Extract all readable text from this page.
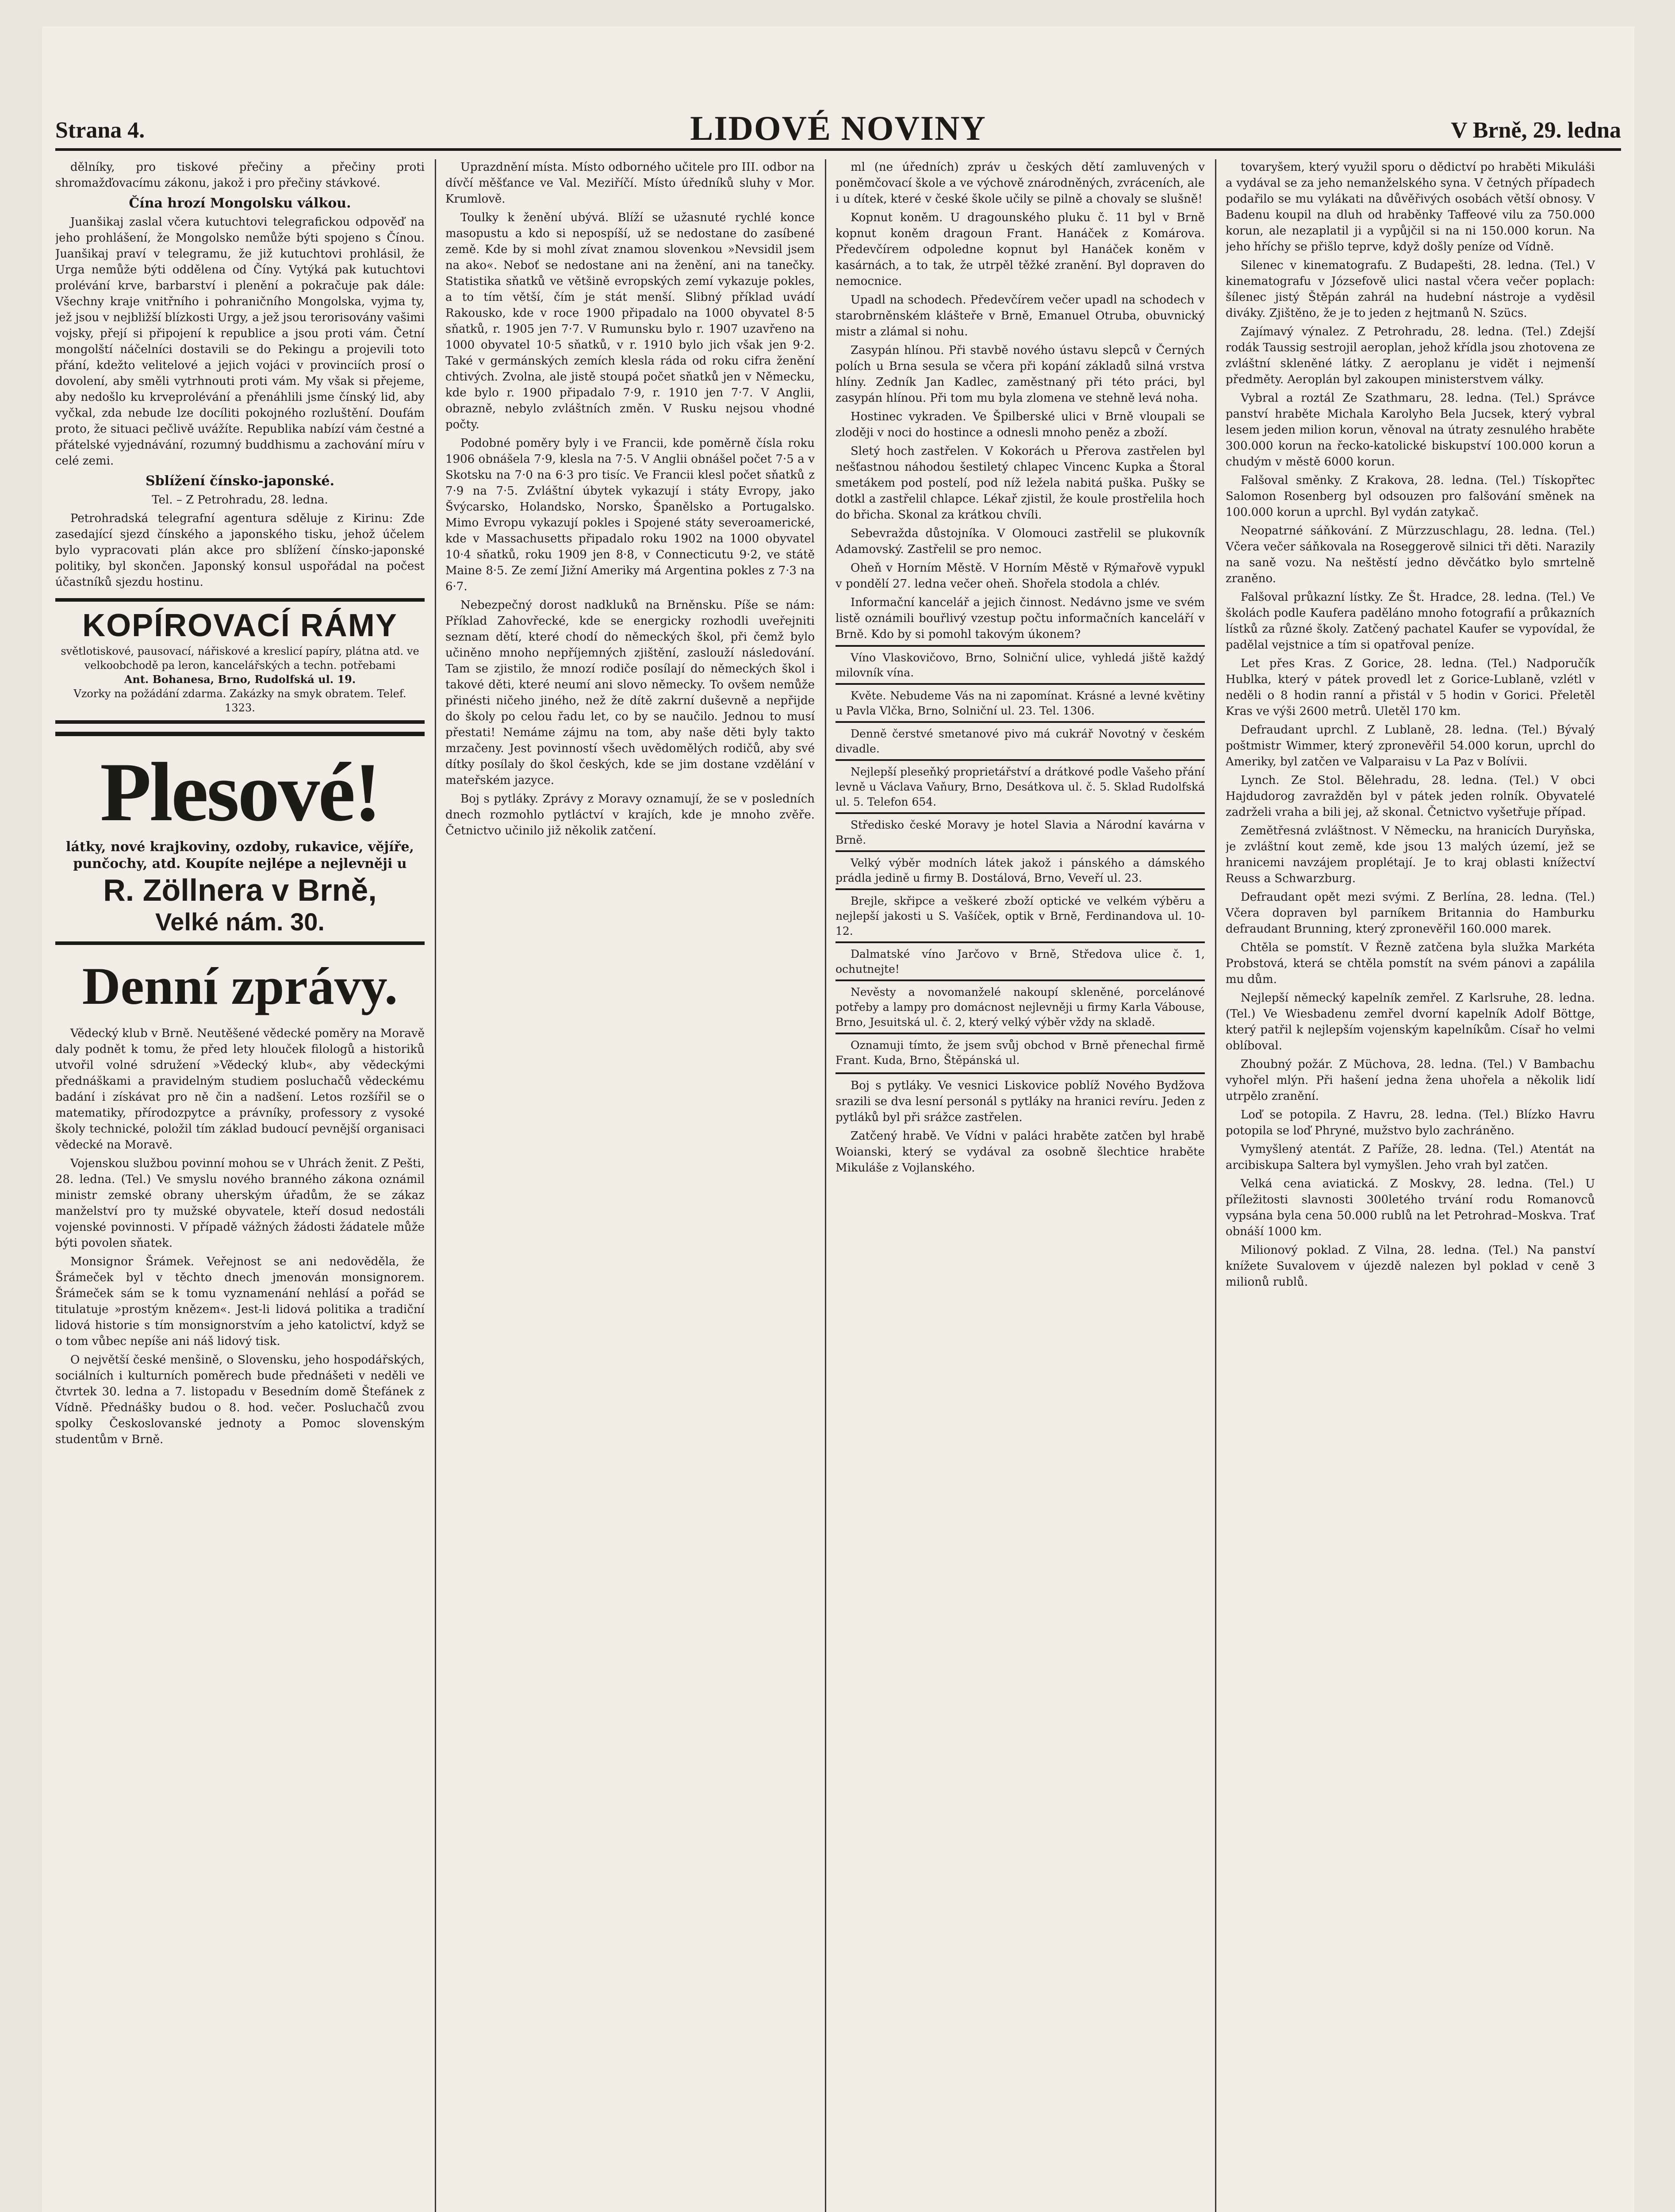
Strana 4.	LIDOVÉ NOVINY	V Brně, 29. ledna

dělníky, pro tiskové přečiny a přečiny proti shromažďovacímu zákonu, jakož i pro přečiny stávkové.

Čína hrozí Mongolsku válkou.

Juanšikaj zaslal včera kutuchtovi telegrafickou odpověď na jeho prohlášení, že Mongolsko nemůže býti spojeno s Čínou. Juanšikaj praví v telegramu, že již kutuchtovi prohlásil, že Urga nemůže býti oddělena od Číny. Vytýká pak kutuchtovi prolévání krve, barbarství i plenění a pokračuje pak dále: Všechny kraje vnitřního i pohraničního Mongolska, vyjma ty, jež jsou v nejbližší blízkosti Urgy, a jež jsou terorisovány vašimi vojsky, přejí si připojení k republice a jsou proti vám. Četní mongolští náčelníci dostavili se do Pekingu a projevili toto přání, kdežto velitelové a jejich vojáci v provinciích prosí o dovolení, aby směli vytrhnouti proti vám. My však si přejeme, aby nedošlo ku krveprolévání a přenáhlili jsme čínský lid, aby vyčkal, zda nebude lze docíliti pokojného rozluštění. Doufám proto, že situaci pečlivě uvážíte. Republika nabízí vám čestné a přátelské vyjednávání, rozumný buddhismu a zachování míru v celé zemi.

Sblížení čínsko-japonské.

Tel. – Z Petrohradu, 28. ledna.

Petrohradská telegrafní agentura sděluje z Kirinu: Zde zasedající sjezd čínského a japonského tisku, jehož účelem bylo vypracovati plán akce pro sblížení čínsko-japonské politiky, byl skončen. Japonský konsul uspořádal na počest účastníků sjezdu hostinu.

KOPÍROVACÍ RÁMY
světlotiskové, pausovací, nářiskové a kreslicí papíry, plátna atd. ve velkoobchodě pa leron, kancelářských a techn. potřebami
Ant. Bohanesa, Brno, Rudolfská ul. 19.
Vzorky na požádání zdarma. Zakázky na smyk obratem. Telef. 1323.
Plesové!
látky, nové krajkoviny, ozdoby, rukavice, vějíře, punčochy, atd. Koupíte nejlépe a nejlevněji u
R. Zöllnera v Brně,
Velké nám. 30.
Denní zprávy.

Vědecký klub v Brně. Neutěšené vědecké poměry na Moravě daly podnět k tomu, že před lety hlouček filologů a historiků utvořil volné sdružení »Vědecký klub«, aby vědeckými přednáškami a pravidelným studiem posluchačů vědeckému badání i získávat pro ně čin a nadšení. Letos rozšířil se o matematiky, přírodozpytce a právníky, professory z vysoké školy technické, položil tím základ budoucí pevnější organisaci vědecké na Moravě.

Vojenskou službou povinní mohou se v Uhrách ženit. Z Pešti, 28. ledna. (Tel.) Ve smyslu nového branného zákona oznámil ministr zemské obrany uherským úřadům, že se zákaz manželství pro ty mužské obyvatele, kteří dosud nedostáli vojenské povinnosti. V případě vážných žádosti žádatele může býti povolen sňatek.

Monsignor Šrámek. Veřejnost se ani nedověděla, že Šrámeček byl v těchto dnech jmenován monsignorem. Šrámeček sám se k tomu vyznamenání nehlásí a pořád se titulatuje »prostým knězem«. Jest-li lidová politika a tradiční lidová historie s tím monsignorstvím a jeho katolictví, když se o tom vůbec nepíše ani náš lidový tisk.

O největší české menšině, o Slovensku, jeho hospodářských, sociálních i kulturních poměrech bude přednášeti v neděli ve čtvrtek 30. ledna a 7. listopadu v Besedním domě Štefánek z Vídně. Přednášky budou o 8. hod. večer. Posluchačů zvou spolky Českoslovanské jednoty a Pomoc slovenským studentům v Brně.

Uprazdnění místa. Místo odborného učitele pro III. odbor na dívčí měšťance ve Val. Meziříčí. Místo úředníků sluhy v Mor. Krumlově.

Toulky k ženění ubývá. Blíží se užasnuté rychlé konce masopustu a kdo si nepospíší, už se nedostane do zasíbené země. Kde by si mohl zívat znamou slovenkou »Nevsidil jsem na ako«. Neboť se nedostane ani na ženění, ani na tanečky. Statistika sňatků ve většině evropských zemí vykazuje pokles, a to tím větší, čím je stát menší. Slibný příklad uvádí Rakousko, kde v roce 1900 připadalo na 1000 obyvatel 8·5 sňatků, r. 1905 jen 7·7. V Rumunsku bylo r. 1907 uzavřeno na 1000 obyvatel 10·5 sňatků, v r. 1910 bylo jich však jen 9·2. Také v germánských zemích klesla ráda od roku cifra ženění chtivých. Zvolna, ale jistě stoupá počet sňatků jen v Německu, kde bylo r. 1900 připadalo 7·9, r. 1910 jen 7·7. V Anglii, obrazně, nebylo zvláštních změn. V Rusku nejsou vhodné počty.

Podobné poměry byly i ve Francii, kde poměrně čísla roku 1906 obnášela 7·9, klesla na 7·5. V Anglii obnášel počet 7·5 a v Skotsku na 7·0 na 6·3 pro tisíc. Ve Francii klesl počet sňatků z 7·9 na 7·5. Zvláštní úbytek vykazují i státy Evropy, jako Švýcarsko, Holandsko, Norsko, Španělsko a Portugalsko. Mimo Evropu vykazují pokles i Spojené státy severoamerické, kde v Massachusetts připadalo roku 1902 na 1000 obyvatel 10·4 sňatků, roku 1909 jen 8·8, v Connecticutu 9·2, ve státě Maine 8·5. Ze zemí Jižní Ameriky má Argentina pokles z 7·3 na 6·7.

Nebezpečný dorost nadkluků na Brněnsku. Píše se nám: Příklad Zahovřecké, kde se energicky rozhodli uveřejniti seznam dětí, které chodí do německých škol, při čemž bylo učiněno mnoho nepříjemných zjištění, zaslouží následování. Tam se zjistilo, že mnozí rodiče posílají do německých škol i takové děti, které neumí ani slovo německy. To ovšem nemůže přinésti ničeho jiného, než že dítě zakrní duševně a nepřijde do školy po celou řadu let, co by se naučilo. Jednou to musí přestati! Nemáme zájmu na tom, aby naše děti byly takto mrzačeny. Jest povinností všech uvědomělých rodičů, aby své dítky posílaly do škol českých, kde se jim dostane vzdělání v mateřském jazyce.

Boj s pytláky. Zprávy z Moravy oznamují, že se v posledních dnech rozmohlo pytláctví v krajích, kde je mnoho zvěře. Četnictvo učinilo již několik zatčení.

ml (ne úředních) zpráv u českých dětí zamluvených v poněmčovací škole a ve výchově znárodněných, zvráceních, ale i u dítek, které v české škole učily se pilně a chovaly se slušně!

Kopnut koněm. U dragounského pluku č. 11 byl v Brně kopnut koněm dragoun Frant. Hanáček z Komárova. Předevčírem odpoledne kopnut byl Hanáček koněm v kasárnách, a to tak, že utrpěl těžké zranění. Byl dopraven do nemocnice.

Upadl na schodech. Předevčírem večer upadl na schodech v starobrněnském klášteře v Brně, Emanuel Otruba, obuvnický mistr a zlámal si nohu.

Zasypán hlínou. Při stavbě nového ústavu slepců v Černých polích u Brna sesula se včera při kopání základů silná vrstva hlíny. Zedník Jan Kadlec, zaměstnaný při této práci, byl zasypán hlínou. Při tom mu byla zlomena ve stehně levá noha.

Hostinec vykraden. Ve Špilberské ulici v Brně vloupali se zloději v noci do hostince a odnesli mnoho peněz a zboží.

Sletý hoch zastřelen. V Kokorách u Přerova zastřelen byl nešťastnou náhodou šestiletý chlapec Vincenc Kupka a Štoral smetákem pod postelí, pod níž ležela nabitá puška. Pušky se dotkl a zastřelil chlapce. Lékař zjistil, že koule prostřelila hoch do břicha. Skonal za krátkou chvíli.

Sebevražda důstojníka. V Olomouci zastřelil se plukovník Adamovský. Zastřelil se pro nemoc.

Oheň v Horním Městě. V Horním Městě v Rýmařově vypukl v pondělí 27. ledna večer oheň. Shořela stodola a chlév.

Informační kancelář a jejich činnost. Nedávno jsme ve svém listě oznámili bouřlivý vzestup počtu informačních kanceláří v Brně. Kdo by si pomohl takovým úkonem?

Víno Vlaskovičovo, Brno, Solniční ulice, vyhledá jiště každý milovník vína.

Květe. Nebudeme Vás na ni zapomínat. Krásné a levné květiny u Pavla Vlčka, Brno, Solniční ul. 23. Tel. 1306.

Denně čerstvé smetanové pivo má cukrář Novotný v českém divadle.

Nejlepší pleseňký proprietářství a drátkové podle Vašeho přání levně u Václava Vaňury, Brno, Desátkova ul. č. 5. Sklad Rudolfská ul. 5. Telefon 654.

Středisko české Moravy je hotel Slavia a Národní kavárna v Brně.

Velký výběr modních látek jakož i pánského a dámského prádla jedině u firmy B. Dostálová, Brno, Veveří ul. 23.

Brejle, skřipce a veškeré zboží optické ve velkém výběru a nejlepší jakosti u S. Vašíček, optik v Brně, Ferdinandova ul. 10-12.

Dalmatské víno Jarčovo v Brně, Středova ulice č. 1, ochutnejte!

Nevěsty a novomanželé nakoupí skleněné, porcelánové potřeby a lampy pro domácnost nejlevněji u firmy Karla Vábouse, Brno, Jesuitská ul. č. 2, který velký výběr vždy na skladě.

Oznamuji tímto, že jsem svůj obchod v Brně přenechal firmě Frant. Kuda, Brno, Štěpánská ul.

Boj s pytláky. Ve vesnici Liskovice poblíž Nového Bydžova srazili se dva lesní personál s pytláky na hranici revíru. Jeden z pytláků byl při srážce zastřelen.

Zatčený hrabě. Ve Vídni v paláci hraběte zatčen byl hrabě Woianski, který se vydával za osobně šlechtice hraběte Mikuláše z Vojlanského.

tovaryšem, který využil sporu o dědictví po hraběti Mikuláši a vydával se za jeho nemanželského syna. V četných případech podařilo se mu vylákati na důvěřivých osobách větší obnosy. V Badenu koupil na dluh od hraběnky Taffeové vilu za 750.000 korun, ale nezaplatil ji a vypůjčil si na ni 150.000 korun. Na jeho hříchy se přišlo teprve, když došly peníze od Vídně.

Silenec v kinematografu. Z Budapešti, 28. ledna. (Tel.) V kinematografu v Józsefově ulici nastal včera večer poplach: šílenec jistý Štěpán zahrál na hudební nástroje a vyděsil diváky. Zjištěno, že je to jeden z hejtmanů N. Szücs.

Zajímavý výnalez. Z Petrohradu, 28. ledna. (Tel.) Zdejší rodák Taussig sestrojil aeroplan, jehož křídla jsou zhotovena ze zvláštní skleněné látky. Z aeroplanu je vidět i nejmenší předměty. Aeroplán byl zakoupen ministerstvem války.

Vybral a roztál Ze Szathmaru, 28. ledna. (Tel.) Správce panství hraběte Michala Karolyho Bela Jucsek, který vybral lesem jeden milion korun, věnoval na útraty zesnulého hraběte 300.000 korun na řecko-katolické biskupství 100.000 korun a chudým v městě 6000 korun.

Falšoval směnky. Z Krakova, 28. ledna. (Tel.) Tískopřtec Salomon Rosenberg byl odsouzen pro falšování směnek na 100.000 korun a uprchl. Byl vydán zatykač.

Neopatrné sáňkování. Z Mürzzuschlagu, 28. ledna. (Tel.) Včera večer sáňkovala na Roseggerově silnici tři děti. Narazily na saně vozu. Na neštěstí jedno děvčátko bylo smrtelně zraněno.

Falšoval průkazní lístky. Ze Št. Hradce, 28. ledna. (Tel.) Ve školách podle Kaufera paděláno mnoho fotografií a průkazních lístků za různé školy. Zatčený pachatel Kaufer se vypovídal, že padělal vejstnice a tím si opatřoval peníze.

Let přes Kras. Z Gorice, 28. ledna. (Tel.) Nadporučík Hublka, který v pátek provedl let z Gorice-Lublaně, vzlétl v neděli o 8 hodin ranní a přistál v 5 hodin v Gorici. Přeletěl Kras ve výši 2600 metrů. Uletěl 170 km.

Defraudant uprchl. Z Lublaně, 28. ledna. (Tel.) Bývalý poštmistr Wimmer, který zpronevěřil 54.000 korun, uprchl do Ameriky, byl zatčen ve Valparaisu v La Paz v Bolívii.

Lynch. Ze Stol. Bělehradu, 28. ledna. (Tel.) V obci Hajdudorog zavražděn byl v pátek jeden rolník. Obyvatelé zadrželi vraha a bili jej, až skonal. Četnictvo vyšetřuje případ.

Zemětřesná zvláštnost. V Německu, na hranicích Duryňska, je zvláštní kout země, kde jsou 13 malých území, jež se hranicemi navzájem proplétají. Je to kraj oblasti knížectví Reuss a Schwarzburg.

Defraudant opět mezi svými. Z Berlína, 28. ledna. (Tel.) Včera dopraven byl parníkem Britannia do Hamburku defraudant Brunning, který zpronevěřil 160.000 marek.

Chtěla se pomstít. V Řezně zatčena byla služka Markéta Probstová, která se chtěla pomstít na svém pánovi a zapálila mu dům.

Nejlepší německý kapelník zemřel. Z Karlsruhe, 28. ledna. (Tel.) Ve Wiesbadenu zemřel dvorní kapelník Adolf Böttge, který patřil k nejlepším vojenským kapelníkům. Císař ho velmi oblíboval.

Zhoubný požár. Z Müchova, 28. ledna. (Tel.) V Bambachu vyhořel mlýn. Při hašení jedna žena uhořela a několik lidí utrpělo zranění.

Loď se potopila. Z Havru, 28. ledna. (Tel.) Blízko Havru potopila se loď Phryné, mužstvo bylo zachráněno.

Vymyšlený atentát. Z Paříže, 28. ledna. (Tel.) Atentát na arcibiskupa Saltera byl vymyšlen. Jeho vrah byl zatčen.

Velká cena aviatická. Z Moskvy, 28. ledna. (Tel.) U příležitosti slavnosti 300letého trvání rodu Romanovců vypsána byla cena 50.000 rublů na let Petrohrad–Moskva. Trať obnáší 1000 km.

Milionový poklad. Z Vilna, 28. ledna. (Tel.) Na panství knížete Suvalovem v újezdě nalezen byl poklad v ceně 3 milionů rublů.
